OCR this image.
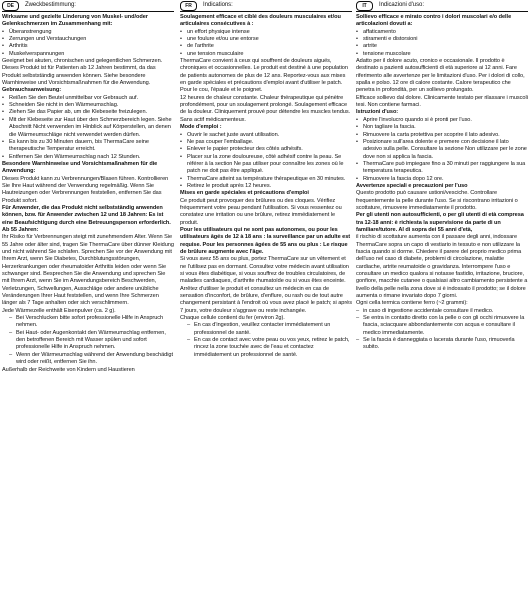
DE	Zweckbestimmung:

Wirksame und gezielte Linderung von Muskel- und/oder Gelenkschmerzen im Zusammenhang mit:

• Überanstrengung

• Zerrungen und Verstauchungen

• Arthritis

• Muskelverspannungen

Geeignet bei akuten, chronischen und gelegentlichen Schmerzen. Dieses Produkt ist für Patienten ab 12 Jahren bestimmt, da das Produkt selbstständig anwenden können. Siehe besondere Warnhinweise und Vorsichtsmaßnahmen für die Anwendung.

Gebrauchsanweisung:

• Reißen Sie den Beutel unmittelbar vor Gebrauch auf.

• Schneiden Sie nicht in den Wärmeumschlag.

• Ziehen Sie das Papier ab, um die Klebeseite freizulegen.

• Mit der Klebeseite zur Haut über den Schmerzbereich legen. Siehe Abschnitt Nicht verwenden im Hinblick auf Körperstellen, an denen die Wärmeumschläge nicht verwendet werden dürfen.

• Es kann bis zu 30 Minuten dauern, bis ThermaCare seine therapeutische Temperatur erreicht.

• Entfernen Sie den Wärmeumschlag nach 12 Stunden.

Besondere Warnhinweise und Vorsichtsmaßnahmen für die Anwendung:

Dieses Produkt kann zu Verbrennungen/Blasen führen. Kontrollieren Sie Ihre Haut während der Verwendung regelmäßig. Wenn Sie Hautreizungen oder Verbrennungen feststellen, entfernen Sie das Produkt sofort.

Für Anwender, die das Produkt nicht selbstständig anwenden können, bzw. für Anwender zwischen 12 und 18 Jahren: Es ist eine Beaufsichtigung durch eine Betreuungsperson erforderlich. Ab 55 Jahren:

Ihr Risiko für Verbrennungen steigt mit zunehmendem Alter. Wenn Sie 55 Jahre oder älter sind, tragen Sie ThermaCare über dünner Kleidung und nicht während Sie schlafen. Sprechen Sie vor der Anwendung mit Ihrem Arzt, wenn Sie Diabetes, Durchblutungsstörungen, Herzerkrankungen oder rheumatoider Arthritis leiden oder wenn Sie schwanger sind. Besprechen Sie die Anwendung und sprechen Sie mit Ihrem Arzt, wenn Sie im Anwendungsbereich Beschwerden, Verletzungen, Schwellungen, Ausschläge oder andere unübliche Veränderungen Ihrer Haut feststellen, und wenn Ihre Schmerzen länger als 7 Tage anhalten oder sich verschlimmern.

Jede Wärmezelle enthält Eisenpulver (ca. 2 g).

– Bei Verschlucken bitte sofort professionelle Hilfe in Anspruch nehmen.

– Bei Haut- oder Augenkontakt den Wärmeumschlag entfernen, den betroffenen Bereich mit Wasser spülen und sofort professionelle Hilfe in Anspruch nehmen.

– Wenn der Wärmeumschlag während der Anwendung beschädigt wird oder reißt, entfernen Sie ihn.

Außerhalb der Reichweite von Kindern und Haustieren

FR	Indications:

Soulagement efficace et ciblé des douleurs musculaires et/ou articulaires consécutives à :

• un effort physique intense

• une foulure et/ou une entorse

• de l'arthrite

• une tension musculaire

ThermaCare convient à ceux qui souffrent de douleurs aiguës, chroniques et occasionnelles. Le produit est destiné à une population de patients autonomes de plus de 12 ans. Reportez-vous aux mises en garde spéciales et précautions d'emploi avant d'utiliser le patch. Pour le cou, l'épaule et le poignet.

12 heures de chaleur constante. Chaleur thérapeutique qui pénètre profondément, pour un soulagement prolongé. Soulagement efficace de la douleur. Cliniquement prouvé pour détendre les muscles tendus. Sans actif médicamenteux.

Mode d'emploi :

• Ouvrir le sachet juste avant utilisation.

• Ne pas couper l'emballage.

• Enlever le papier protecteur des côtés adhésifs.

• Placer sur la zone douloureuse, côté adhésif contre la peau. Se référer à la section Ne pas utiliser pour connaître les zones où le patch ne doit pas être appliqué.

• ThermaCare atteint sa température thérapeutique en 30 minutes.

• Retirez le produit après 12 heures.

Mises en garde spéciales et précautions d'emploi

Ce produit peut provoquer des brûlures ou des cloques. Vérifiez fréquemment votre peau pendant l'utilisation. Si vous ressentez ou constatez une irritation ou une brûlure, retirez immédiatement le produit.

Pour les utilisateurs qui ne sont pas autonomes, ou pour les utilisateurs âgés de 12 à 18 ans : la surveillance par un adulte est requise. Pour les personnes âgées de 55 ans ou plus : Le risque de brûlure augmente avec l'âge.

Si vous avez 55 ans ou plus, portez ThermaCare sur un vêtement et ne l'utilisez pas en dormant. Consultez votre médecin avant utilisation si vous êtes diabétique, si vous souffrez de troubles circulatoires, de maladies cardiaques, d'arthrite rhumatoïde ou si vous êtes enceinte. Arrêtez d'utiliser le produit et consultez un médecin en cas de sensation d'inconfort, de brûlure, d'enflure, ou rash ou de tout autre changement persistant à l'endroit où vous avez placé le patch; si après 7 jours, votre douleur s'aggrave ou reste inchangée.

Chaque cellule contient du fer (environ 2g).

– En cas d'ingestion, veuillez contacter immédiatement un professionnel de santé.

– En cas de contact avec votre peau ou vos yeux, retirez le patch, rincez la zone touchée avec de l'eau et contactez immédiatement un professionnel de santé.

IT	Indicazioni d'uso:

Sollievo efficace e mirato contro i dolori muscolari e/o delle articolazioni dovuti a:

• affaticamento

• stiramenti e distorsioni

• artrite

• tensione muscolare

Adatto per il dolore acuto, cronico e occasionale. Il prodotto è destinato a pazienti autosufficienti di età superiore ai 12 anni. Fare riferimento alle avvertenze per le limitazioni d'uso. Per i dolori di collo, spalla e polso. 12 ore di calore costante. Calore terapeutico che penetra in profondità, per un sollievo prolungato.

Efficace sollievo dal dolore. Clinicamente testato per rilassare i muscoli tesi. Non contiene farmaci.

Istruzioni d'uso:

• Aprire l'involucro quando si è pronti per l'uso.

• Non tagliare la fascia.

• Rimuovere la carta protettiva per scoprire il lato adesivo.

• Posizionare sull'area dolente e premere con decisione il lato adesivo sulla pelle. Consultare la sezione Non utilizzare per le zone dove non si applica la fascia.

• ThermaCare può impiegare fino a 30 minuti per raggiungere la sua temperatura terapeutica.

• Rimuovere la fascia dopo 12 ore.

Avvertenze speciali e precauzioni per l'uso

Questo prodotto può causare ustioni/vesciche. Controllare frequentemente la pelle durante l'uso. Se si riscontrano irritazioni o scottature, rimuovere immediatamente il prodotto.

Per gli utenti non autosufficienti, o per gli utenti di età compresa tra 12-18 anni: è richiesta la supervisione da parte di un familiare/tutore. Al di sopra dei 55 anni d'età,

il rischio di scottature aumenta con il passare degli anni, indossare ThermaCare sopra un capo di vestiario in tessuto e non utilizzare la fascia quando si dorme. Chiedere il parere del proprio medico prima dell'uso nel caso di diabete, problemi di circolazione, malattie cardiache, artrite reumatoide o gravidanza. Interrompere l'uso e consultare un medico qualora si notasse fastidio, irritazione, bruciore, gonfiore, macchie cutanee o qualsiasi altro cambiamento persistente a livello della pelle nella zona dove si è indossato il prodotto; se il dolore aumenta o rimane invariato dopo 7 giorni.

Ogni cella termica contiene ferro (~2 grammi):

– in caso di ingestione accidentale consultare il medico.

– Se entra in contatto diretto con la pelle o con gli occhi rimuovere la fascia, sciacquare abbondantemente con acqua e consultare il medico immediatamente.

– Se la fascia è danneggiata o lacerata durante l'uso, rimuoverla subito.
